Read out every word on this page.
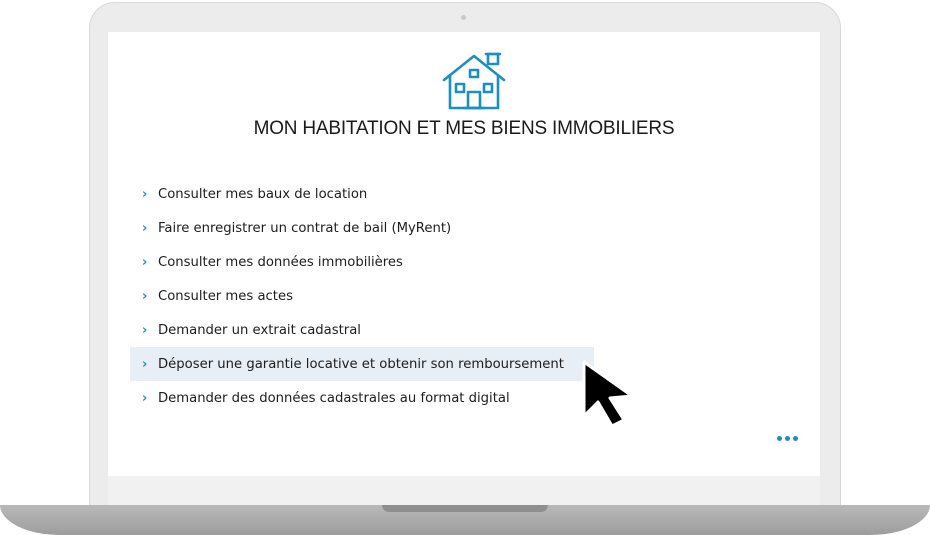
MON HABITATION ET MES BIENS IMMOBILIERS
› Consulter mes baux de location
› Faire enregistrer un contrat de bail (MyRent)
› Consulter mes données immobilières
› Consulter mes actes
› Demander un extrait cadastral
› Déposer une garantie locative et obtenir son remboursement
› Demander des données cadastrales au format digital
